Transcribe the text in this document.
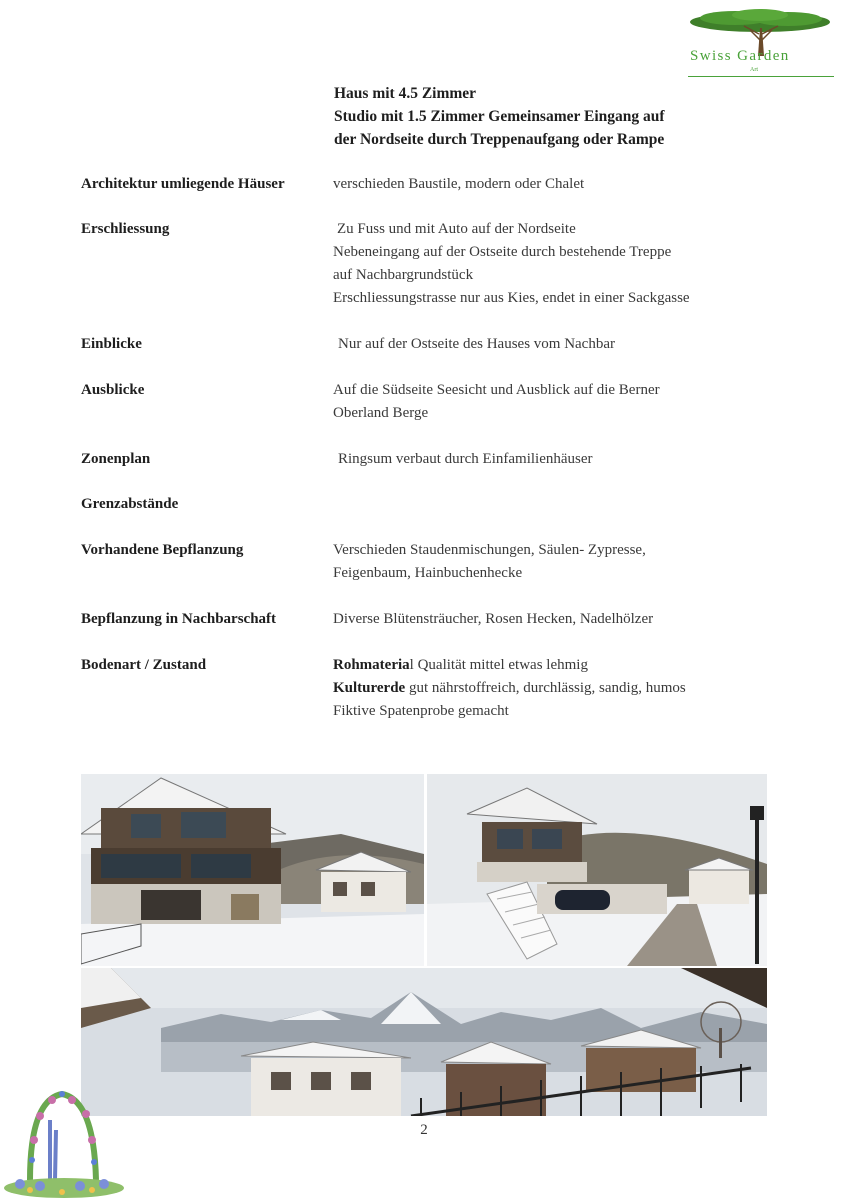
Swiss Garden
Art
Haus mit 4.5 Zimmer
Studio mit 1.5 Zimmer Gemeinsamer Eingang auf
der Nordseite durch Treppenaufgang oder Rampe
Architektur umliegende Häuser	verschieden Baustile, modern oder Chalet
Erschliessung	Zu Fuss und mit Auto auf der Nordseite
Nebeneingang auf der Ostseite durch bestehende Treppe
auf Nachbargrundstück
Erschliessungstrasse nur aus Kies, endet in einer Sackgasse
Einblicke	Nur auf der Ostseite des Hauses vom Nachbar
Ausblicke	Auf die Südseite Seesicht und Ausblick auf die Berner
Oberland Berge
Zonenplan	Ringsum verbaut durch Einfamilienhäuser
Grenzabstände
Vorhandene Bepflanzung	Verschieden Staudenmischungen, Säulen- Zypresse,
Feigenbaum, Hainbuchenhecke
Bepflanzung in Nachbarschaft	Diverse Blütensträucher, Rosen Hecken, Nadelhölzer
Bodenart / Zustand	Rohmaterial Qualität mittel etwas lehmig
Kulturerde gut nährstoffreich, durchlässig, sandig, humos
Fiktive Spatenprobe gemacht
2
